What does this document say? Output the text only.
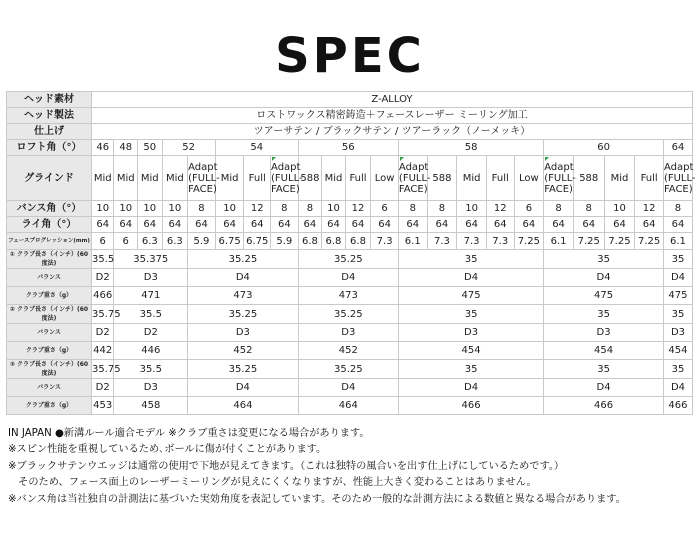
SPEC
ヘッド素材	Z-ALLOY																					
ヘッド製法	ロストワックス精密鋳造＋フェースレーザー ミーリング加工																					
仕上げ	ツアーサテン / ブラックサテン / ツアーラック（ノーメッキ）																					
ロフト角（°）	46	48	50	52		54			56				58					60				64
グラインド	Mid	Mid	Mid	Mid	Adapt (FULL-FACE)	Mid	Full	Adapt (FULL-FACE)	588	Mid	Full	Low	Adapt (FULL-FACE)	588	Mid	Full	Low	Adapt (FULL-FACE)	588	Mid	Full	Adapt (FULL-FACE)
バンス角（°）	10	10	10	10	8	10	12	8	8	10	12	6	8	8	10	12	6	8	8	10	12	8
ライ角（°）	64	64	64	64	64	64	64	64	64	64	64	64	64	64	64	64	64	64	64	64	64	64
フェースプログレッション(mm)	6	6	6.3	6.3	5.9	6.75	6.75	5.9	6.8	6.8	6.8	7.3	6.1	7.3	7.3	7.3	7.25	6.1	7.25	7.25	7.25	6.1
① クラブ長さ（インチ）(60度法)	35.5	35.375			35.25				35.25				35					35				35
バランス	D2	D3			D4				D4				D4					D4				D4
クラブ重さ（g）	466	471			473				473				475					475				475
② クラブ長さ（インチ）(60度法)	35.75	35.5			35.25				35.25				35					35				35
バランス	D2	D2			D3				D3				D3					D3				D3
クラブ重さ（g）	442	446			452				452				454					454				454
③ クラブ長さ（インチ）(60度法)	35.75	35.5			35.25				35.25				35					35				35
バランス	D2	D3			D4				D4				D4					D4				D4
クラブ重さ（g）	453	458			464				464				466					466				466
IN JAPAN ●新溝ルール適合モデル ※クラブ重さは変更になる場合があります。
※スピン性能を重視しているため､ボールに傷が付くことがあります。
※ブラックサテンウエッジは通常の使用で下地が見えてきます。（これは独特の風合いを出す仕上げにしているためです。）
　そのため、フェース面上のレーザーミーリングが見えにくくなりますが、性能上大きく変わることはありません。
※バンス角は当社独自の計測法に基づいた実効角度を表記しています。そのため一般的な計測方法による数値と異なる場合があります。
